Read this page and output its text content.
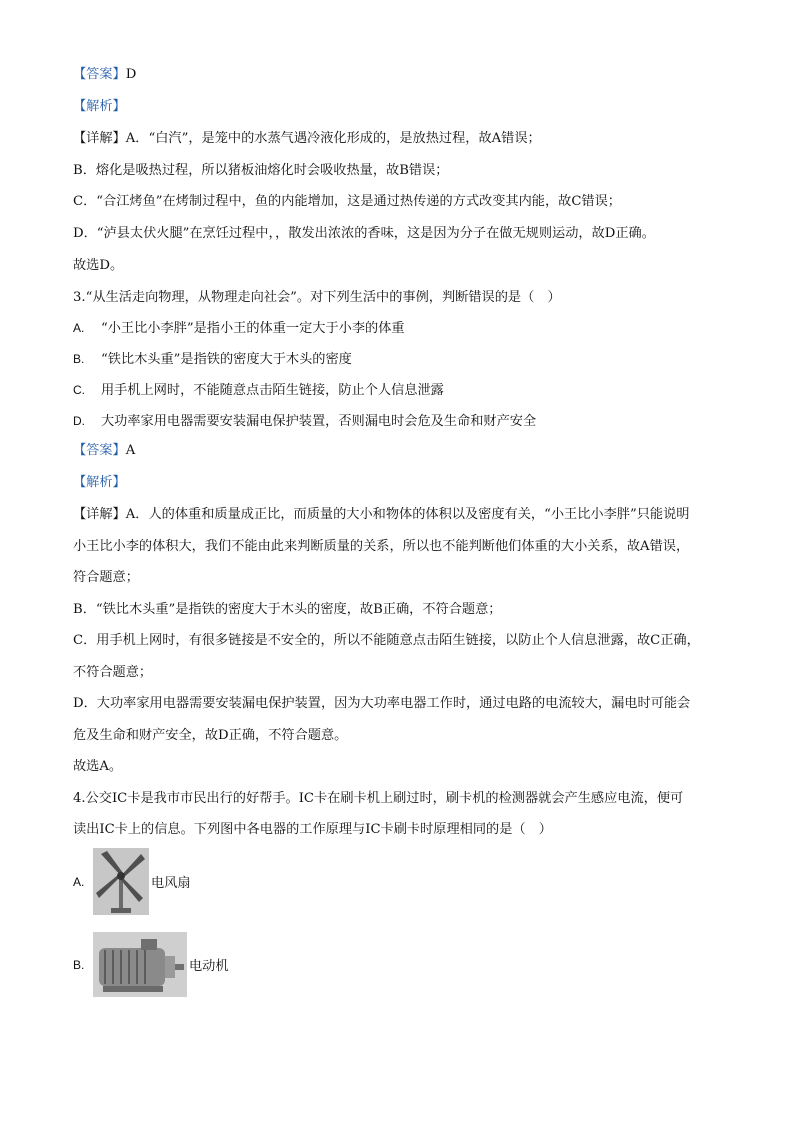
【答案】D
【解析】
【详解】A．“白汽”，是笼中的水蒸气遇冷液化形成的，是放热过程，故A错误；
B．熔化是吸热过程，所以猪板油熔化时会吸收热量，故B错误；
C．“合江烤鱼”在烤制过程中，鱼的内能增加，这是通过热传递的方式改变其内能，故C错误；
D．“泸县太伏火腿”在烹饪过程中，，散发出浓浓的香味，这是因为分子在做无规则运动，故D正确。
故选D。
3.“从生活走向物理，从物理走向社会”。对下列生活中的事例，判断错误的是（　）
A. “小王比小李胖”是指小王的体重一定大于小李的体重
B. “铁比木头重”是指铁的密度大于木头的密度
C. 用手机上网时，不能随意点击陌生链接，防止个人信息泄露
D. 大功率家用电器需要安装漏电保护装置，否则漏电时会危及生命和财产安全
【答案】A
【解析】
【详解】A．人的体重和质量成正比，而质量的大小和物体的体积以及密度有关，“小王比小李胖”只能说明
小王比小李的体积大，我们不能由此来判断质量的关系，所以也不能判断他们体重的大小关系，故A错误，
符合题意；
B．“铁比木头重”是指铁的密度大于木头的密度，故B正确，不符合题意；
C．用手机上网时，有很多链接是不安全的，所以不能随意点击陌生链接，以防止个人信息泄露，故C正确，
不符合题意；
D．大功率家用电器需要安装漏电保护装置，因为大功率电器工作时，通过电路的电流较大，漏电时可能会
危及生命和财产安全，故D正确，不符合题意。
故选A。
4.公交IC卡是我市市民出行的好帮手。IC卡在刷卡机上刷过时，刷卡机的检测器就会产生感应电流，便可
读出IC卡上的信息。下列图中各电器的工作原理与IC卡刷卡时原理相同的是（　）
A.	电风扇
B.	电动机
